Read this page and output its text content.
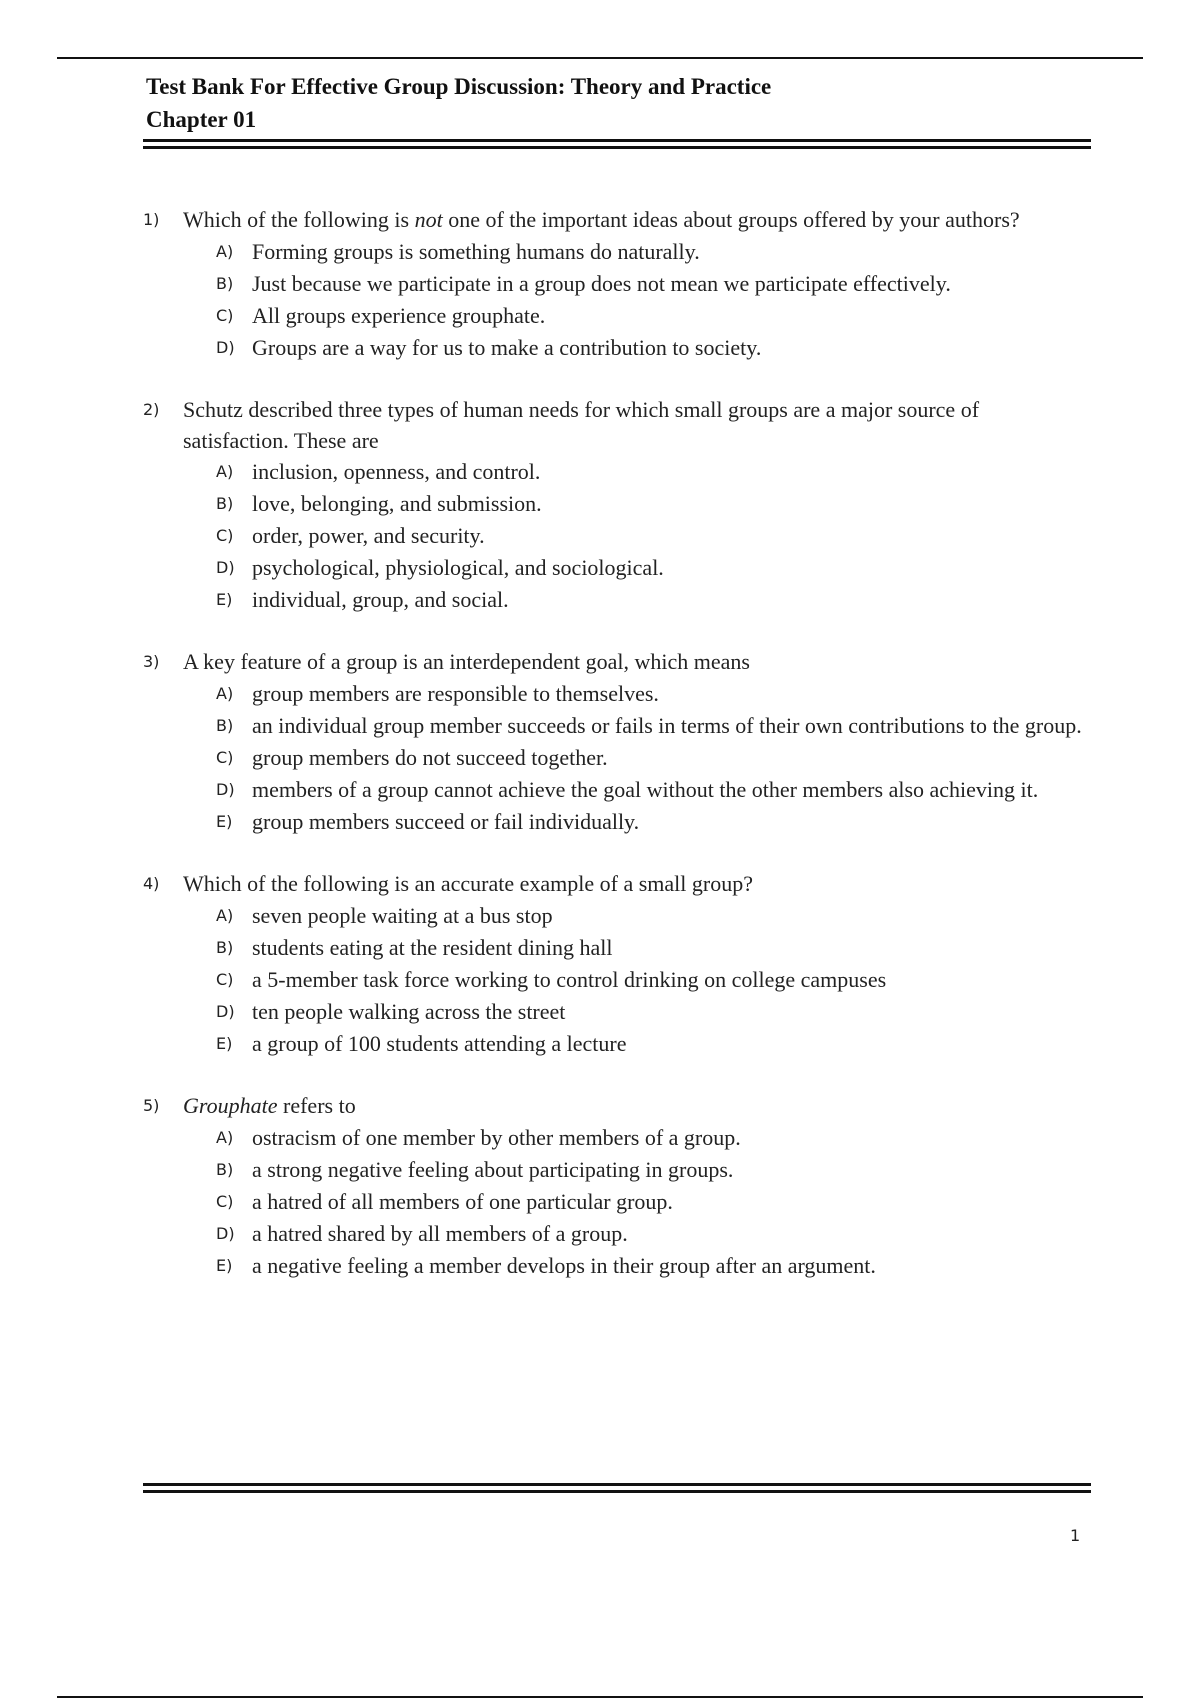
Test Bank For Effective Group Discussion: Theory and Practice
Chapter 01
1)	Which of the following is not one of the important ideas about groups offered by your authors?
A) Forming groups is something humans do naturally.
B) Just because we participate in a group does not mean we participate effectively.
C) All groups experience grouphate.
D) Groups are a way for us to make a contribution to society.
2)	Schutz described three types of human needs for which small groups are a major source of satisfaction. These are
A) inclusion, openness, and control.
B) love, belonging, and submission.
C) order, power, and security.
D) psychological, physiological, and sociological.
E) individual, group, and social.
3)	A key feature of a group is an interdependent goal, which means
A) group members are responsible to themselves.
B) an individual group member succeeds or fails in terms of their own contributions to the group.
C) group members do not succeed together.
D) members of a group cannot achieve the goal without the other members also achieving it.
E) group members succeed or fail individually.
4)	Which of the following is an accurate example of a small group?
A) seven people waiting at a bus stop
B) students eating at the resident dining hall
C) a 5-member task force working to control drinking on college campuses
D) ten people walking across the street
E) a group of 100 students attending a lecture
5)	Grouphate refers to
A) ostracism of one member by other members of a group.
B) a strong negative feeling about participating in groups.
C) a hatred of all members of one particular group.
D) a hatred shared by all members of a group.
E) a negative feeling a member develops in their group after an argument.
1
